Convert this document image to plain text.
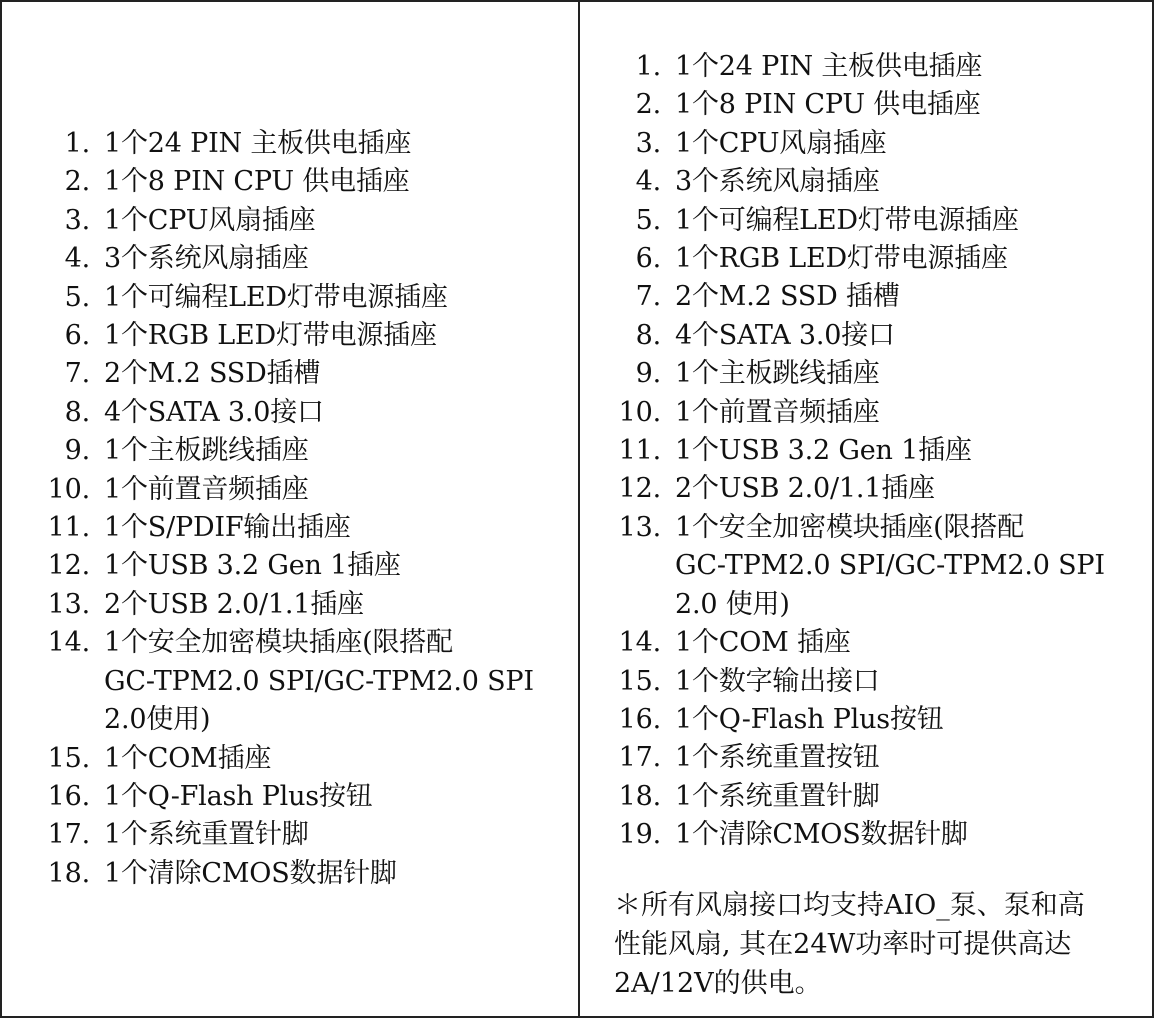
1. 1个24 PIN 主板供电插座
2. 1个8 PIN CPU 供电插座
3. 1个CPU风扇插座
4. 3个系统风扇插座
5. 1个可编程LED灯带电源插座
6. 1个RGB LED灯带电源插座
7. 2个M.2 SSD插槽
8. 4个SATA 3.0接口
9. 1个主板跳线插座
10. 1个前置音频插座
11. 1个S/PDIF输出插座
12. 1个USB 3.2 Gen 1插座
13. 2个USB 2.0/1.1插座
14. 1个安全加密模块插座(限搭配
GC-TPM2.0 SPI/GC-TPM2.0 SPI
2.0使用)
15. 1个COM插座
16. 1个Q-Flash Plus按钮
17. 1个系统重置针脚
18. 1个清除CMOS数据针脚
1. 1个24 PIN 主板供电插座
2. 1个8 PIN CPU 供电插座
3. 1个CPU风扇插座
4. 3个系统风扇插座
5. 1个可编程LED灯带电源插座
6. 1个RGB LED灯带电源插座
7. 2个M.2 SSD 插槽
8. 4个SATA 3.0接口
9. 1个主板跳线插座
10. 1个前置音频插座
11. 1个USB 3.2 Gen 1插座
12. 2个USB 2.0/1.1插座
13. 1个安全加密模块插座(限搭配
GC-TPM2.0 SPI/GC-TPM2.0 SPI
2.0 使用)
14. 1个COM 插座
15. 1个数字输出接口
16. 1个Q-Flash Plus按钮
17. 1个系统重置按钮
18. 1个系统重置针脚
19. 1个清除CMOS数据针脚
＊所有风扇接口均支持AIO_泵、泵和高
性能风扇, 其在24W功率时可提供高达
2A/12V的供电。
